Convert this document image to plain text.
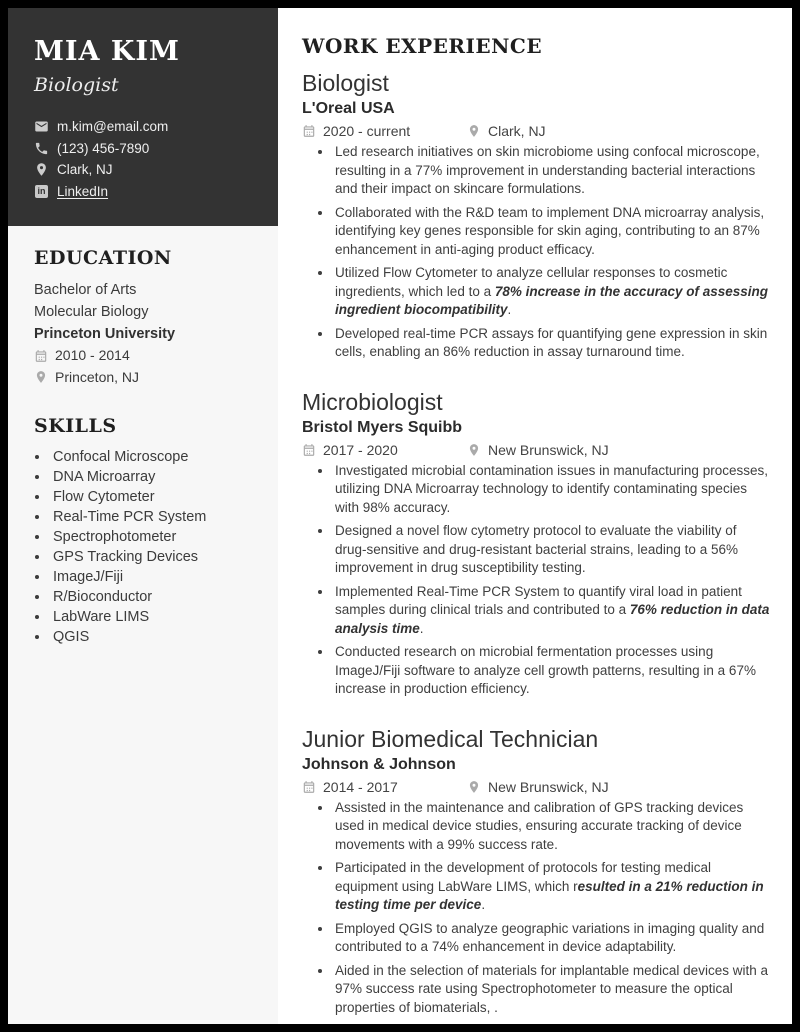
MIA KIM
Biologist
m.kim@email.com
(123) 456-7890
Clark, NJ
in LinkedIn
EDUCATION
Bachelor of Arts
Molecular Biology
Princeton University
2010 - 2014
Princeton, NJ
SKILLS
• Confocal Microscope
• DNA Microarray
• Flow Cytometer
• Real-Time PCR System
• Spectrophotometer
• GPS Tracking Devices
• ImageJ/Fiji
• R/Bioconductor
• LabWare LIMS
• QGIS
WORK EXPERIENCE
Biologist
L'Oreal USA
2020 - current	Clark, NJ
• Led research initiatives on skin microbiome using confocal microscope, resulting in a 77% improvement in understanding bacterial interactions and their impact on skincare formulations.
• Collaborated with the R&D team to implement DNA microarray analysis, identifying key genes responsible for skin aging, contributing to an 87% enhancement in anti-aging product efficacy.
• Utilized Flow Cytometer to analyze cellular responses to cosmetic ingredients, which led to a 78% increase in the accuracy of assessing ingredient biocompatibility.
• Developed real-time PCR assays for quantifying gene expression in skin cells, enabling an 86% reduction in assay turnaround time.
Microbiologist
Bristol Myers Squibb
2017 - 2020	New Brunswick, NJ
• Investigated microbial contamination issues in manufacturing processes, utilizing DNA Microarray technology to identify contaminating species with 98% accuracy.
• Designed a novel flow cytometry protocol to evaluate the viability of drug-sensitive and drug-resistant bacterial strains, leading to a 56% improvement in drug susceptibility testing.
• Implemented Real-Time PCR System to quantify viral load in patient samples during clinical trials and contributed to a 76% reduction in data analysis time.
• Conducted research on microbial fermentation processes using ImageJ/Fiji software to analyze cell growth patterns, resulting in a 67% increase in production efficiency.
Junior Biomedical Technician
Johnson & Johnson
2014 - 2017	New Brunswick, NJ
• Assisted in the maintenance and calibration of GPS tracking devices used in medical device studies, ensuring accurate tracking of device movements with a 99% success rate.
• Participated in the development of protocols for testing medical equipment using LabWare LIMS, which resulted in a 21% reduction in testing time per device.
• Employed QGIS to analyze geographic variations in imaging quality and contributed to a 74% enhancement in device adaptability.
• Aided in the selection of materials for implantable medical devices with a 97% success rate using Spectrophotometer to measure the optical properties of biomaterials, .
